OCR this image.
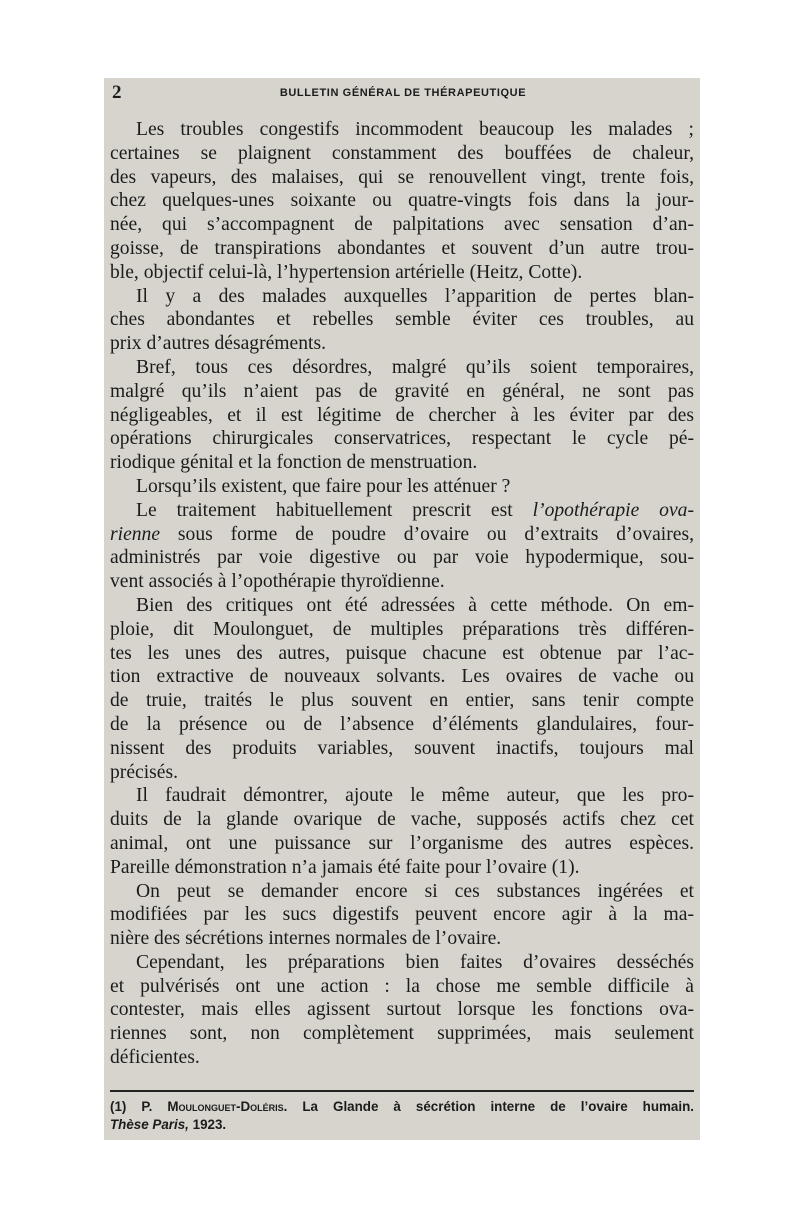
2	BULLETIN GÉNÉRAL DE THÉRAPEUTIQUE
Les troubles congestifs incommodent beaucoup les malades ;
certaines se plaignent constamment des bouffées de chaleur,
des vapeurs, des malaises, qui se renouvellent vingt, trente fois,
chez quelques-unes soixante ou quatre-vingts fois dans la jour-
née, qui s’accompagnent de palpitations avec sensation d’an-
goisse, de transpirations abondantes et souvent d’un autre trou-
ble, objectif celui-là, l’hypertension artérielle (Heitz, Cotte).
Il y a des malades auxquelles l’apparition de pertes blan-
ches abondantes et rebelles semble éviter ces troubles, au
prix d’autres désagréments.
Bref, tous ces désordres, malgré qu’ils soient temporaires,
malgré qu’ils n’aient pas de gravité en général, ne sont pas
négligeables, et il est légitime de chercher à les éviter par des
opérations chirurgicales conservatrices, respectant le cycle pé-
riodique génital et la fonction de menstruation.
Lorsqu’ils existent, que faire pour les atténuer ?
Le traitement habituellement prescrit est l’opothérapie ova-
rienne sous forme de poudre d’ovaire ou d’extraits d’ovaires,
administrés par voie digestive ou par voie hypodermique, sou-
vent associés à l’opothérapie thyroïdienne.
Bien des critiques ont été adressées à cette méthode. On em-
ploie, dit Moulonguet, de multiples préparations très différen-
tes les unes des autres, puisque chacune est obtenue par l’ac-
tion extractive de nouveaux solvants. Les ovaires de vache ou
de truie, traités le plus souvent en entier, sans tenir compte
de la présence ou de l’absence d’éléments glandulaires, four-
nissent des produits variables, souvent inactifs, toujours mal
précisés.
Il faudrait démontrer, ajoute le même auteur, que les pro-
duits de la glande ovarique de vache, supposés actifs chez cet
animal, ont une puissance sur l’organisme des autres espèces.
Pareille démonstration n’a jamais été faite pour l’ovaire (1).
On peut se demander encore si ces substances ingérées et
modifiées par les sucs digestifs peuvent encore agir à la ma-
nière des sécrétions internes normales de l’ovaire.
Cependant, les préparations bien faites d’ovaires desséchés
et pulvérisés ont une action : la chose me semble difficile à
contester, mais elles agissent surtout lorsque les fonctions ova-
riennes sont, non complètement supprimées, mais seulement
déficientes.
(1) P. Moulonguet-Doléris. La Glande à sécrétion interne de l’ovaire humain.
Thèse Paris, 1923.
